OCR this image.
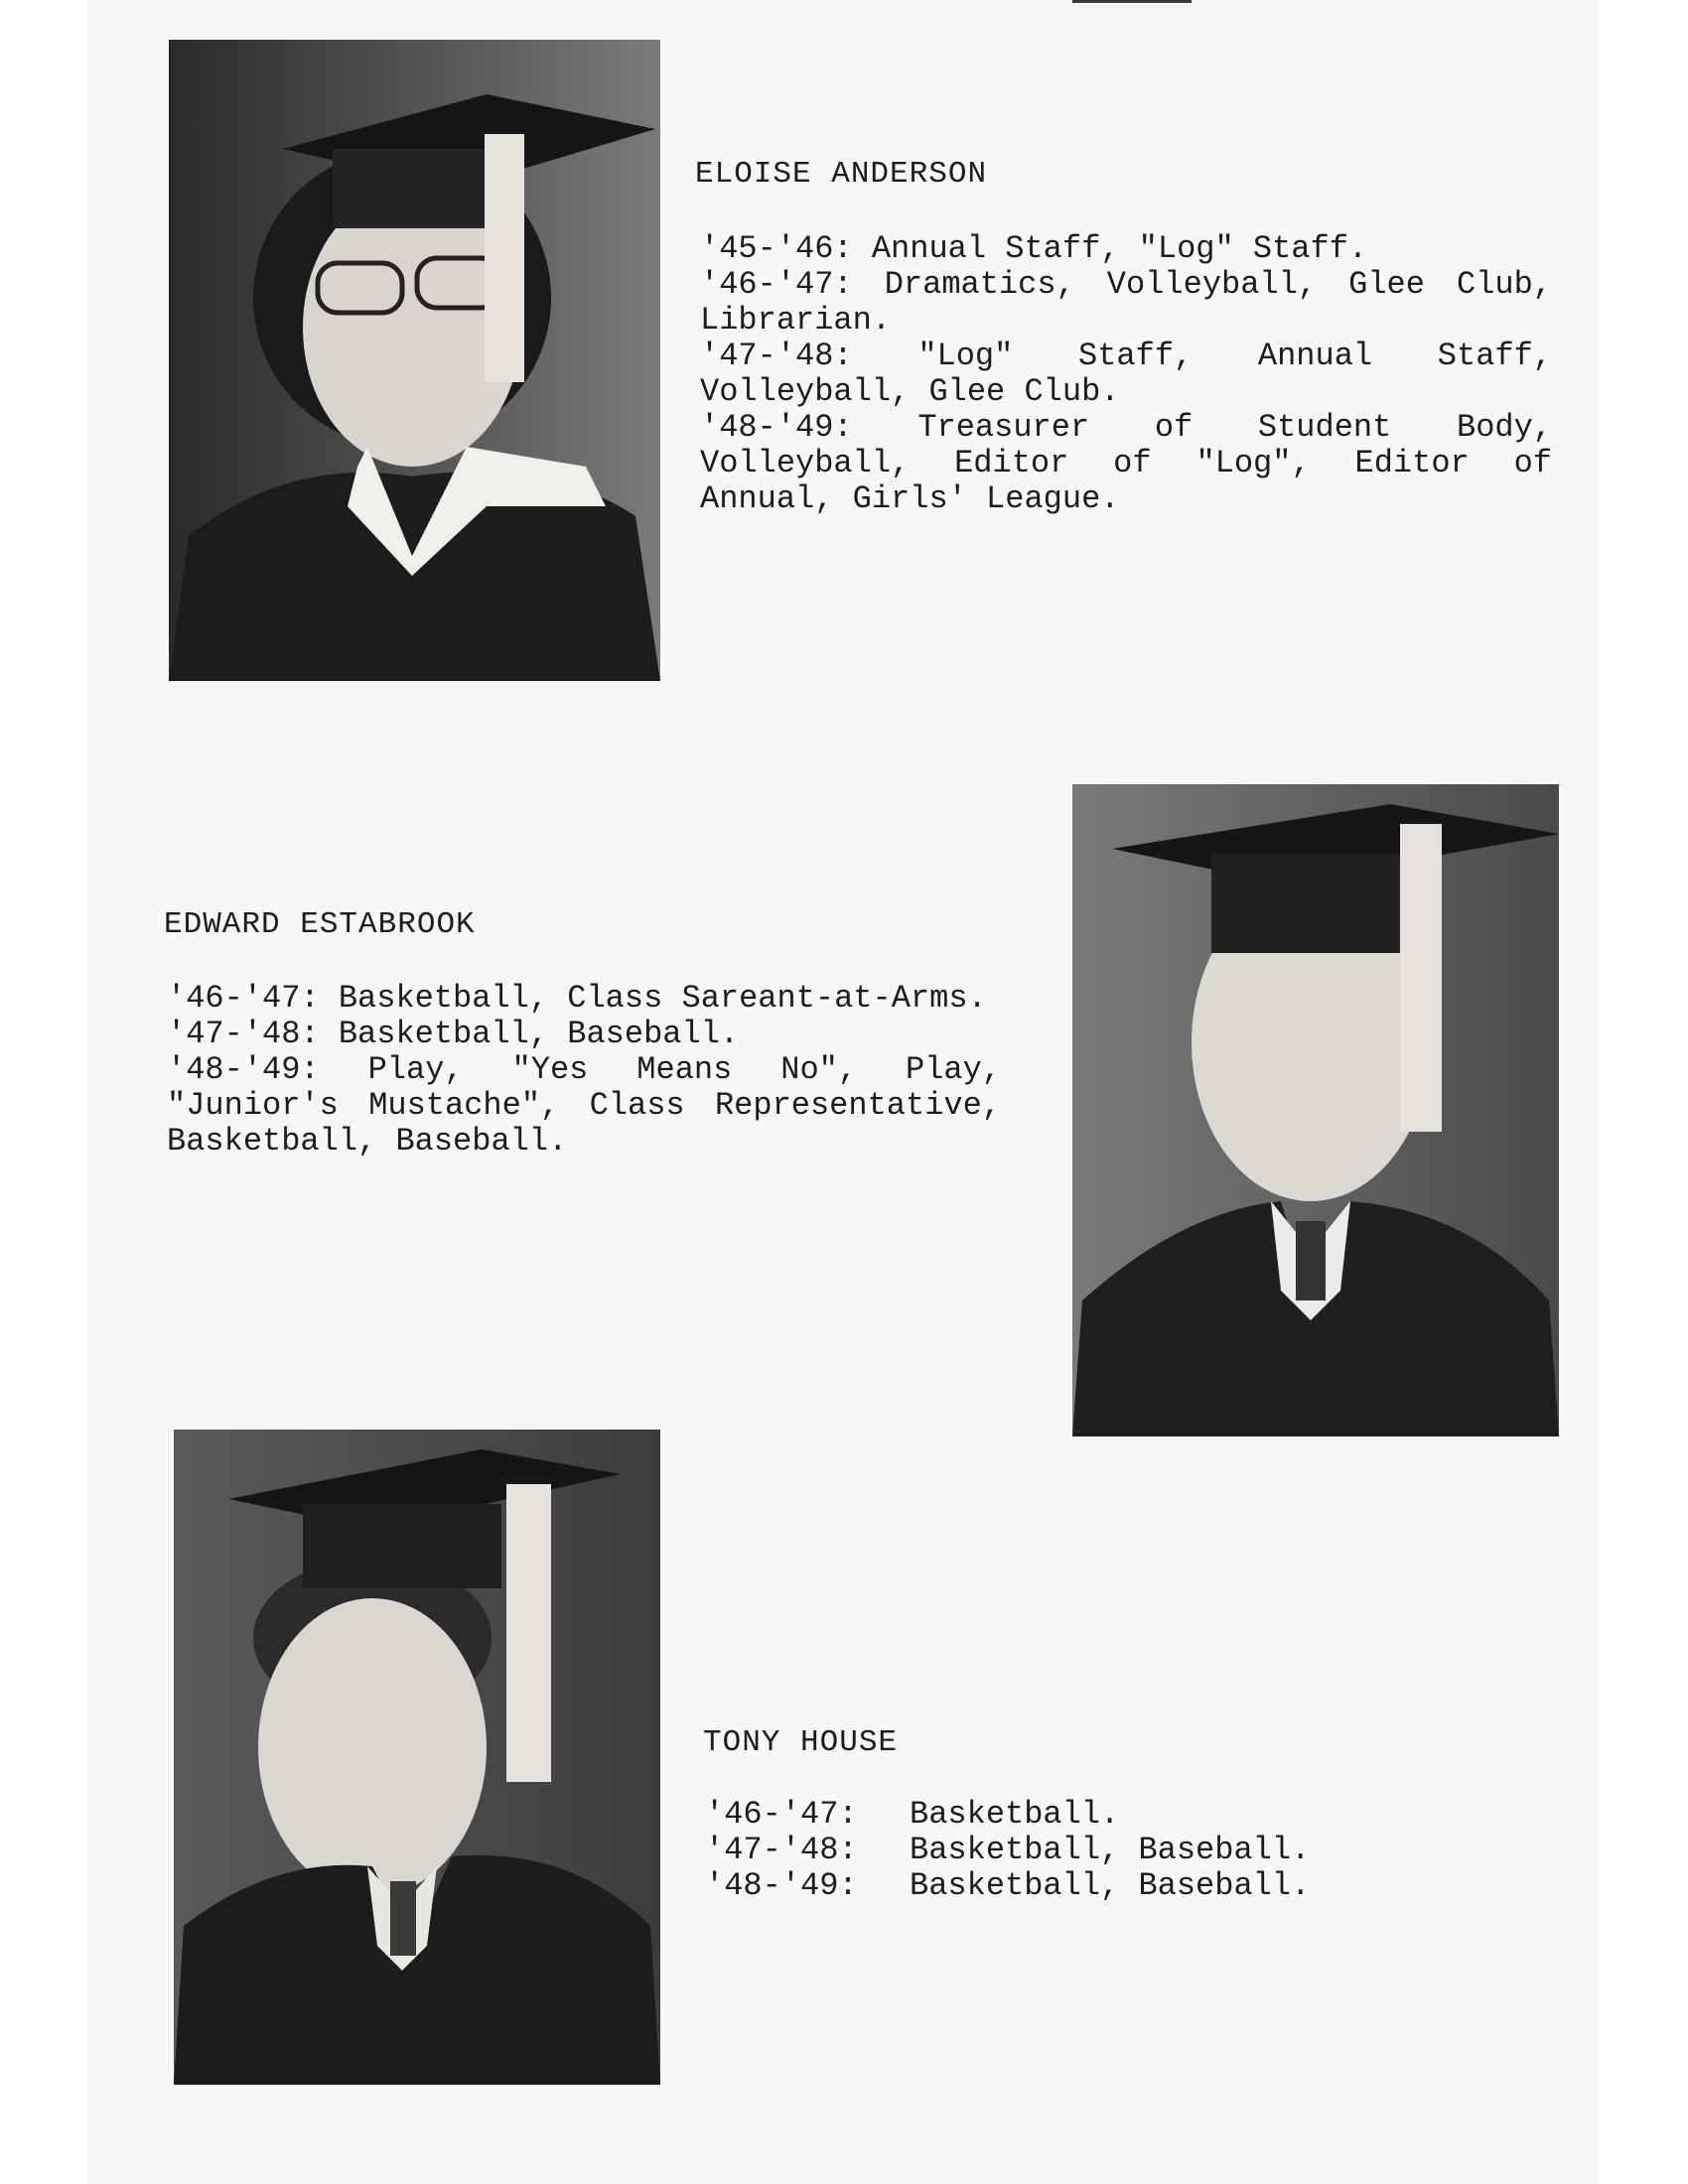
ELOISE ANDERSON

'45-'46: Annual Staff, "Log" Staff.

'46-'47: Dramatics, Volleyball, Glee Club, Librarian.

'47-'48: "Log" Staff, Annual Staff, Volleyball, Glee Club.

'48-'49: Treasurer of Student Body, Volleyball, Editor of "Log", Editor of Annual, Girls' League.

EDWARD ESTABROOK

'46-'47: Basketball, Class Sareant-at-Arms.

'47-'48: Basketball, Baseball.

'48-'49: Play, "Yes Means No", Play, "Junior's Mustache", Class Representative, Basketball, Baseball.

TONY HOUSE

'46-'47:	Basketball.

'47-'48:	Basketball, Baseball.

'48-'49:	Basketball, Baseball.
